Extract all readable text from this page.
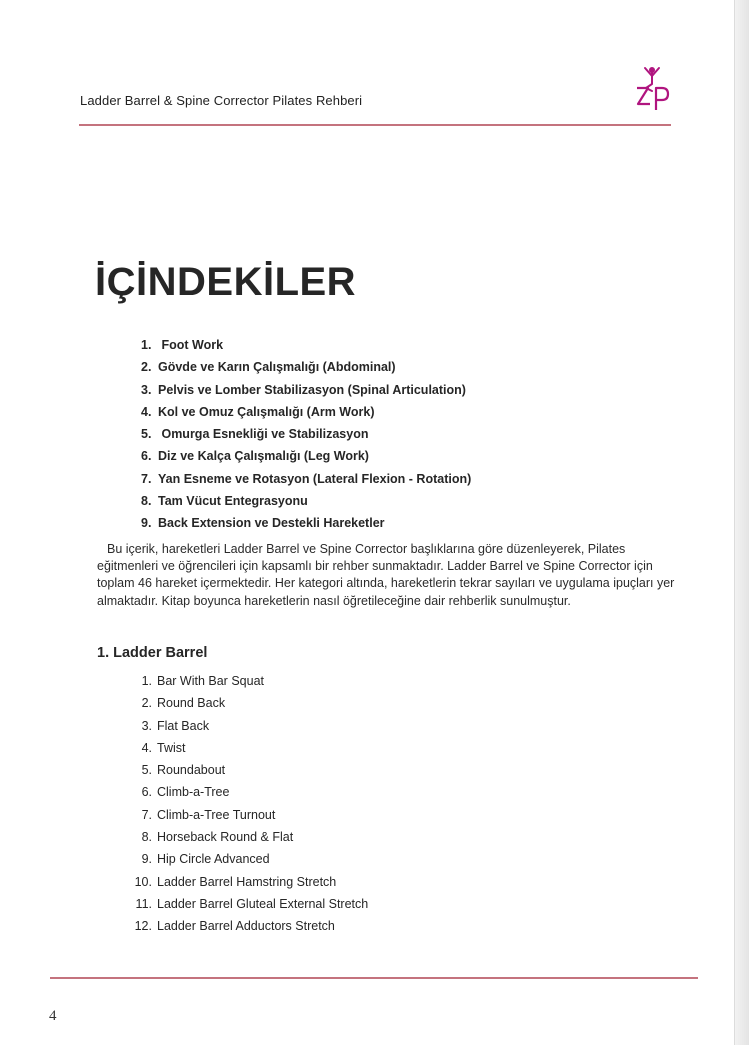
Ladder Barrel & Spine Corrector Pilates Rehberi
İÇİNDEKİLER
1. Foot Work
2. Gövde ve Karın Çalışmalığı (Abdominal)
3. Pelvis ve Lomber Stabilizasyon (Spinal Articulation)
4. Kol ve Omuz Çalışmalığı (Arm Work)
5. Omurga Esnekliği ve Stabilizasyon
6. Diz ve Kalça Çalışmalığı (Leg Work)
7. Yan Esneme ve Rotasyon (Lateral Flexion - Rotation)
8. Tam Vücut Entegrasyonu
9. Back Extension ve Destekli Hareketler

Bu içerik, hareketleri Ladder Barrel ve Spine Corrector başlıklarına göre düzenleyerek, Pilates eğitmenleri ve öğrencileri için kapsamlı bir rehber sunmaktadır. Ladder Barrel ve Spine Corrector için toplam 46 hareket içermektedir. Her kategori altında, hareketlerin tekrar sayıları ve uygulama ipuçları yer almaktadır. Kitap boyunca hareketlerin nasıl öğretileceğine dair rehberlik sunulmuştur.

1. Ladder Barrel
1. Bar With Bar Squat
2. Round Back
3. Flat Back
4. Twist
5. Roundabout
6. Climb-a-Tree
7. Climb-a-Tree Turnout
8. Horseback Round & Flat
9. Hip Circle Advanced
10. Ladder Barrel Hamstring Stretch
11. Ladder Barrel Gluteal External Stretch
12. Ladder Barrel Adductors Stretch
4
